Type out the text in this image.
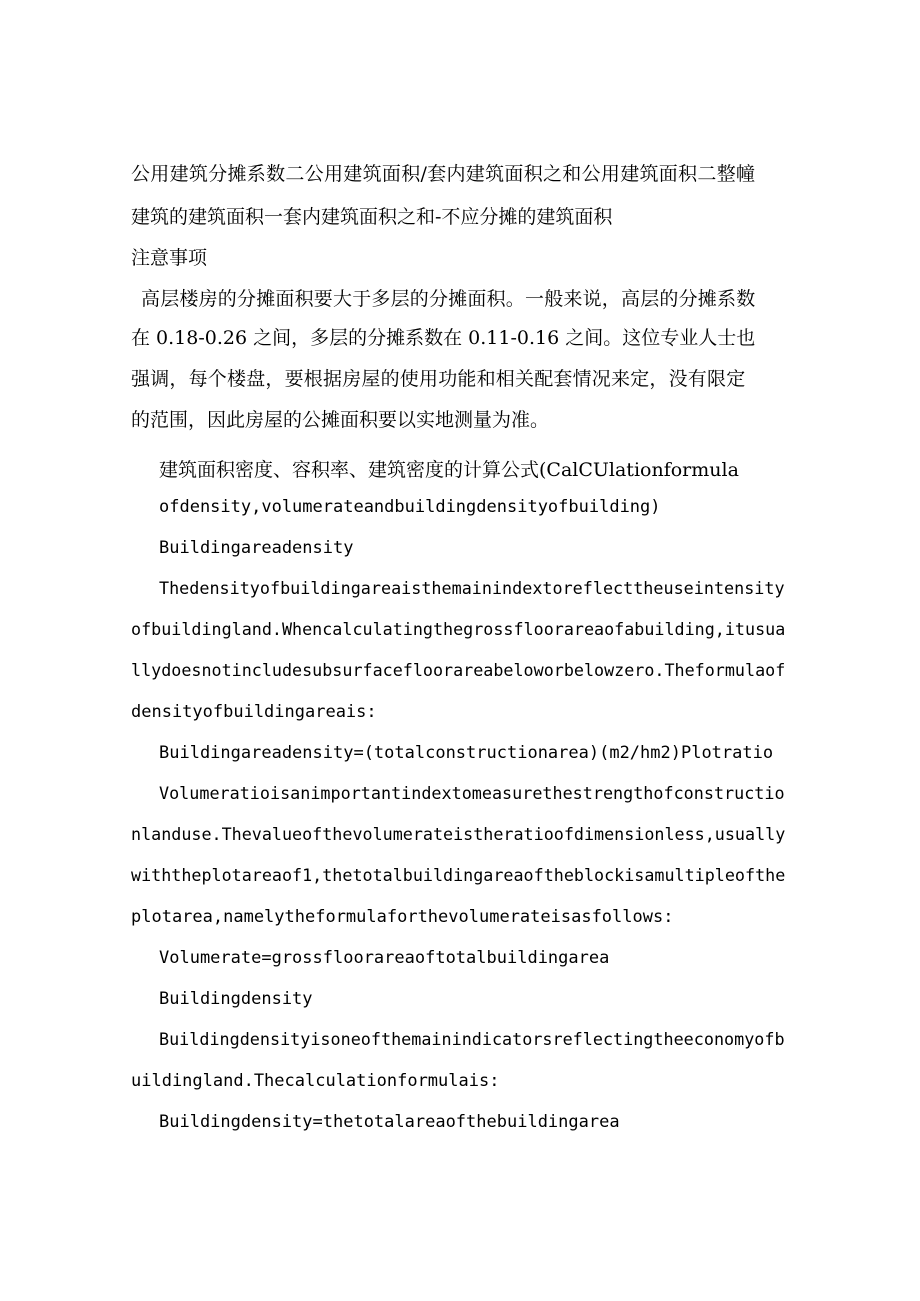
公用建筑分摊系数二公用建筑面积/套内建筑面积之和公用建筑面积二整幢

建筑的建筑面积一套内建筑面积之和-不应分摊的建筑面积

注意事项

高层楼房的分摊面积要大于多层的分摊面积。一般来说，高层的分摊系数

在 0.18-0.26 之间，多层的分摊系数在 0.11-0.16 之间。这位专业人士也

强调，每个楼盘，要根据房屋的使用功能和相关配套情况来定，没有限定

的范围，因此房屋的公摊面积要以实地测量为准。

建筑面积密度、容积率、建筑密度的计算公式(CalCUlationformula

ofdensity,volumerateandbuildingdensityofbuilding)

Buildingareadensity

Thedensityofbuildingareaisthemainindextoreflecttheuseintensity

ofbuildingland.Whencalculatingthegrossfloorareaofabuilding,itusua

llydoesnotincludesubsurfacefloorareabeloworbelowzero.Theformulaof

densityofbuildingareais:

Buildingareadensity=(totalconstructionarea)(m2/hm2)Plotratio

Volumeratioisanimportantindextomeasurethestrengthofconstructio

nlanduse.Thevalueofthevolumerateistheratioofdimensionless,usually

withtheplotareaof1,thetotalbuildingareaoftheblockisamultipleofthe

plotarea,namelytheformulaforthevolumerateisasfollows:

Volumerate=grossfloorareaoftotalbuildingarea

Buildingdensity

Buildingdensityisoneofthemainindicatorsreflectingtheeconomyofb

uildingland.Thecalculationformulais:

Buildingdensity=thetotalareaofthebuildingarea
